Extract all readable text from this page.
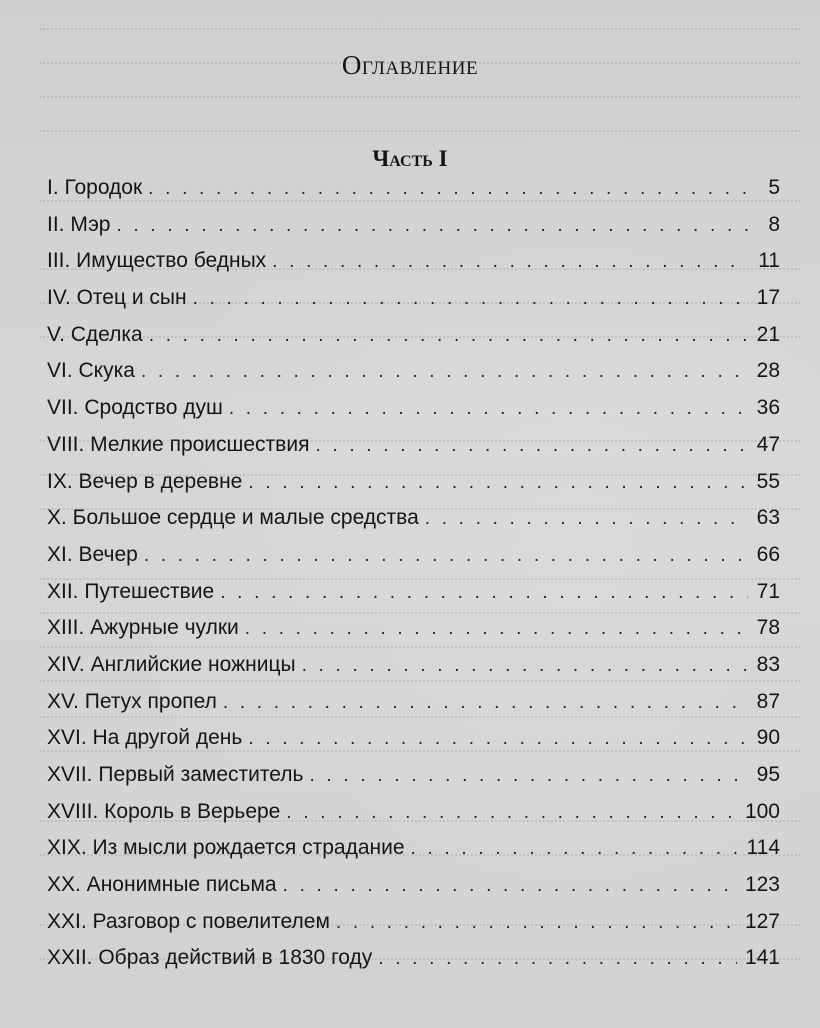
Оглавление
Часть I
I. Городок . . .	5
II. Мэр . . .	8
III. Имущество бедных . . .	11
IV. Отец и сын . . .	17
V. Сделка . . .	21
VI. Скука . . .	28
VII. Сродство душ . . .	36
VIII. Мелкие происшествия . . .	47
IX. Вечер в деревне . . .	55
X. Большое сердце и малые средства . . .	63
XI. Вечер . . .	66
XII. Путешествие . . .	71
XIII. Ажурные чулки . . .	78
XIV. Английские ножницы . . .	83
XV. Петух пропел . . .	87
XVI. На другой день . . .	90
XVII. Первый заместитель . . .	95
XVIII. Король в Верьере . . .	100
XIX. Из мысли рождается страдание . . .	114
XX. Анонимные письма . . .	123
XXI. Разговор с повелителем . . .	127
XXII. Образ действий в 1830 году . . .	141
